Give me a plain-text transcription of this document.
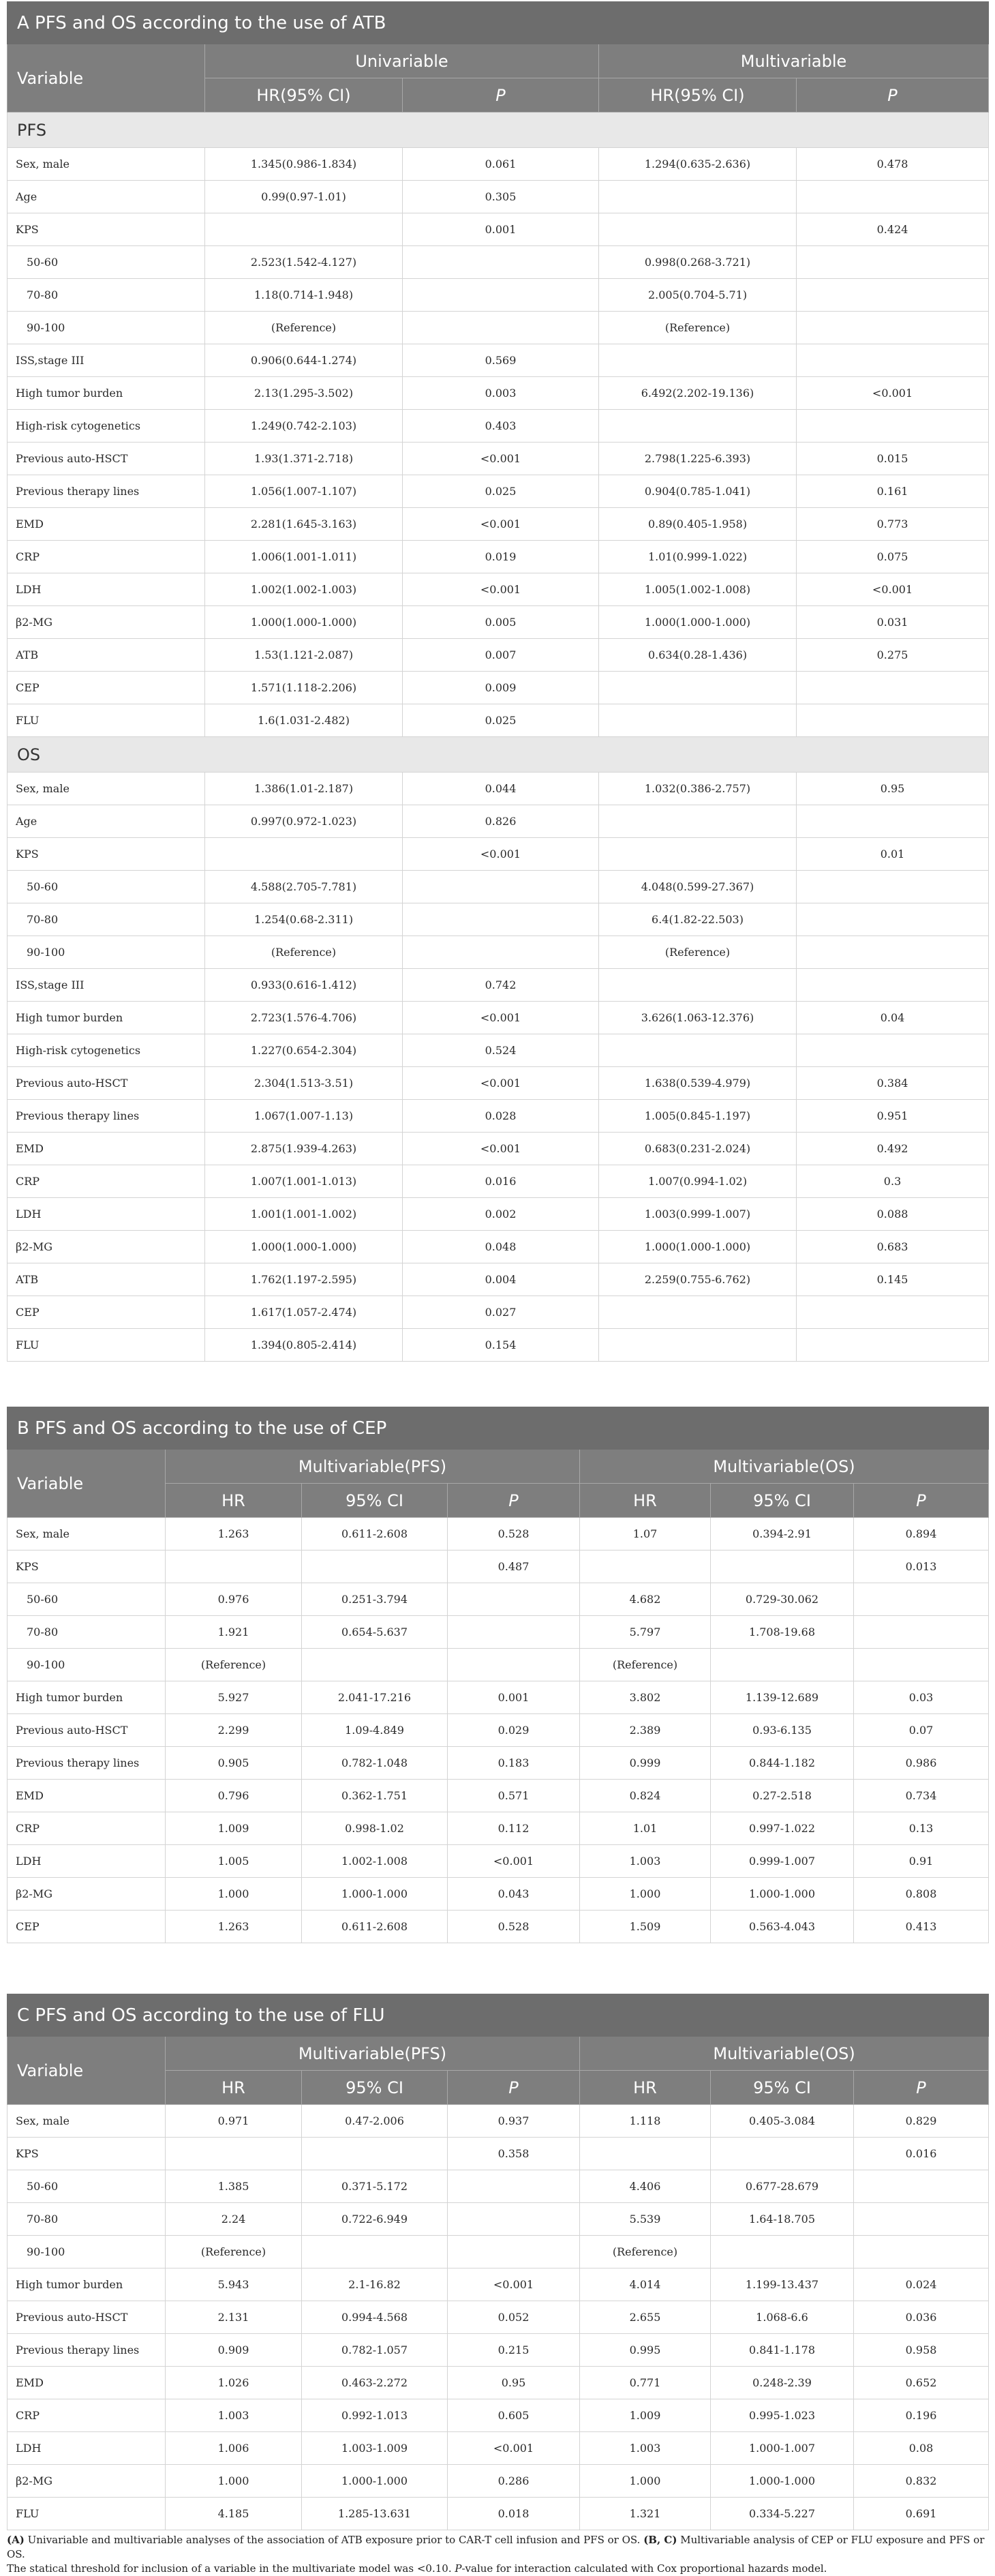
A PFS and OS according to the use of ATB				
Variable	Univariable		Multivariable	
	HR(95% CI)	P	HR(95% CI)	P
PFS				
Sex, male	1.345(0.986-1.834)	0.061	1.294(0.635-2.636)	0.478
Age	0.99(0.97-1.01)	0.305		
KPS		0.001		0.424
50-60	2.523(1.542-4.127)		0.998(0.268-3.721)	
70-80	1.18(0.714-1.948)		2.005(0.704-5.71)	
90-100	(Reference)		(Reference)	
ISS,stage III	0.906(0.644-1.274)	0.569		
High tumor burden	2.13(1.295-3.502)	0.003	6.492(2.202-19.136)	<0.001
High-risk cytogenetics	1.249(0.742-2.103)	0.403		
Previous auto-HSCT	1.93(1.371-2.718)	<0.001	2.798(1.225-6.393)	0.015
Previous therapy lines	1.056(1.007-1.107)	0.025	0.904(0.785-1.041)	0.161
EMD	2.281(1.645-3.163)	<0.001	0.89(0.405-1.958)	0.773
CRP	1.006(1.001-1.011)	0.019	1.01(0.999-1.022)	0.075
LDH	1.002(1.002-1.003)	<0.001	1.005(1.002-1.008)	<0.001
β2-MG	1.000(1.000-1.000)	0.005	1.000(1.000-1.000)	0.031
ATB	1.53(1.121-2.087)	0.007	0.634(0.28-1.436)	0.275
CEP	1.571(1.118-2.206)	0.009		
FLU	1.6(1.031-2.482)	0.025		
OS				
Sex, male	1.386(1.01-2.187)	0.044	1.032(0.386-2.757)	0.95
Age	0.997(0.972-1.023)	0.826		
KPS		<0.001		0.01
50-60	4.588(2.705-7.781)		4.048(0.599-27.367)	
70-80	1.254(0.68-2.311)		6.4(1.82-22.503)	
90-100	(Reference)		(Reference)	
ISS,stage III	0.933(0.616-1.412)	0.742		
High tumor burden	2.723(1.576-4.706)	<0.001	3.626(1.063-12.376)	0.04
High-risk cytogenetics	1.227(0.654-2.304)	0.524		
Previous auto-HSCT	2.304(1.513-3.51)	<0.001	1.638(0.539-4.979)	0.384
Previous therapy lines	1.067(1.007-1.13)	0.028	1.005(0.845-1.197)	0.951
EMD	2.875(1.939-4.263)	<0.001	0.683(0.231-2.024)	0.492
CRP	1.007(1.001-1.013)	0.016	1.007(0.994-1.02)	0.3
LDH	1.001(1.001-1.002)	0.002	1.003(0.999-1.007)	0.088
β2-MG	1.000(1.000-1.000)	0.048	1.000(1.000-1.000)	0.683
ATB	1.762(1.197-2.595)	0.004	2.259(0.755-6.762)	0.145
CEP	1.617(1.057-2.474)	0.027		
FLU	1.394(0.805-2.414)	0.154		
B PFS and OS according to the use of CEP						
Variable	Multivariable(PFS)			Multivariable(OS)		
	HR	95% CI	P	HR	95% CI	P
Sex, male	1.263	0.611-2.608	0.528	1.07	0.394-2.91	0.894
KPS			0.487			0.013
50-60	0.976	0.251-3.794		4.682	0.729-30.062	
70-80	1.921	0.654-5.637		5.797	1.708-19.68	
90-100	(Reference)			(Reference)		
High tumor burden	5.927	2.041-17.216	0.001	3.802	1.139-12.689	0.03
Previous auto-HSCT	2.299	1.09-4.849	0.029	2.389	0.93-6.135	0.07
Previous therapy lines	0.905	0.782-1.048	0.183	0.999	0.844-1.182	0.986
EMD	0.796	0.362-1.751	0.571	0.824	0.27-2.518	0.734
CRP	1.009	0.998-1.02	0.112	1.01	0.997-1.022	0.13
LDH	1.005	1.002-1.008	<0.001	1.003	0.999-1.007	0.91
β2-MG	1.000	1.000-1.000	0.043	1.000	1.000-1.000	0.808
CEP	1.263	0.611-2.608	0.528	1.509	0.563-4.043	0.413
C PFS and OS according to the use of FLU						
Variable	Multivariable(PFS)			Multivariable(OS)		
	HR	95% CI	P	HR	95% CI	P
Sex, male	0.971	0.47-2.006	0.937	1.118	0.405-3.084	0.829
KPS			0.358			0.016
50-60	1.385	0.371-5.172		4.406	0.677-28.679	
70-80	2.24	0.722-6.949		5.539	1.64-18.705	
90-100	(Reference)			(Reference)		
High tumor burden	5.943	2.1-16.82	<0.001	4.014	1.199-13.437	0.024
Previous auto-HSCT	2.131	0.994-4.568	0.052	2.655	1.068-6.6	0.036
Previous therapy lines	0.909	0.782-1.057	0.215	0.995	0.841-1.178	0.958
EMD	1.026	0.463-2.272	0.95	0.771	0.248-2.39	0.652
CRP	1.003	0.992-1.013	0.605	1.009	0.995-1.023	0.196
LDH	1.006	1.003-1.009	<0.001	1.003	1.000-1.007	0.08
β2-MG	1.000	1.000-1.000	0.286	1.000	1.000-1.000	0.832
FLU	4.185	1.285-13.631	0.018	1.321	0.334-5.227	0.691
(A) Univariable and multivariable analyses of the association of ATB exposure prior to CAR-T cell infusion and PFS or OS. (B, C) Multivariable analysis of CEP or FLU exposure and PFS or OS.
The statical threshold for inclusion of a variable in the multivariate model was <0.10. P-value for interaction calculated with Cox proportional hazards model.
